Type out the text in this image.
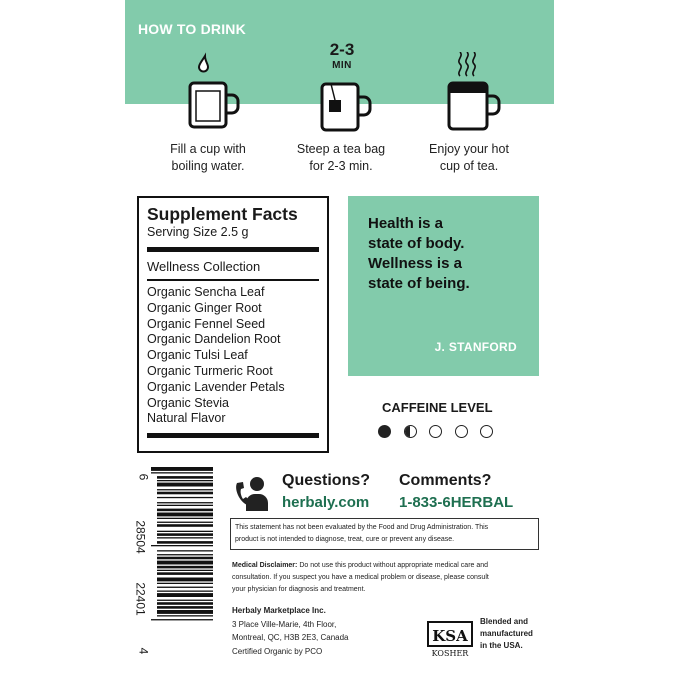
HOW TO DRINK
2-3
MIN
Fill a cup with
boiling water.
Steep a tea bag
for 2-3 min.
Enjoy your hot
cup of tea.
Supplement Facts
Serving Size 2.5 g
Wellness Collection
Organic Sencha Leaf
Organic Ginger Root
Organic Fennel Seed
Organic Dandelion Root
Organic Tulsi Leaf
Organic Turmeric Root
Organic Lavender Petals
Organic Stevia
Natural Flavor
Health is a
state of body.
Wellness is a
state of being.
J. STANFORD
CAFFEINE LEVEL
6
28504
22401
4
Questions? Comments?
herbaly.com 1-833-6HERBAL
This statement has not been evaluated by the Food and Drug Administration. This
product is not intended to diagnose, treat, cure or prevent any disease.
Medical Disclaimer: Do not use this product without appropriate medical care and
consultation. If you suspect you have a medical problem or disease, please consult
your physician for diagnosis and treatment.
Herbaly Marketplace Inc.
3 Place Ville-Marie, 4th Floor,
Montreal, QC, H3B 2E3, Canada
Certified Organic by PCO
KSA
KOSHER
Blended and
manufactured
in the USA.
